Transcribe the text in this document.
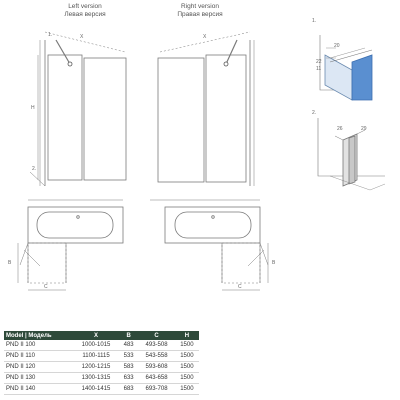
Left version
Левая версия
Right version
Правая версия
X	X
H
1.
2.
1.
2.
20
22
11
26	29
B
C
B
C
Model | Модель	X	B	C	H
PND II 100	1000-1015	483	493-508	1500
PND II 110	1100-1115	533	543-558	1500
PND II 120	1200-1215	583	593-608	1500
PND II 130	1300-1315	633	643-658	1500
PND II 140	1400-1415	683	693-708	1500
